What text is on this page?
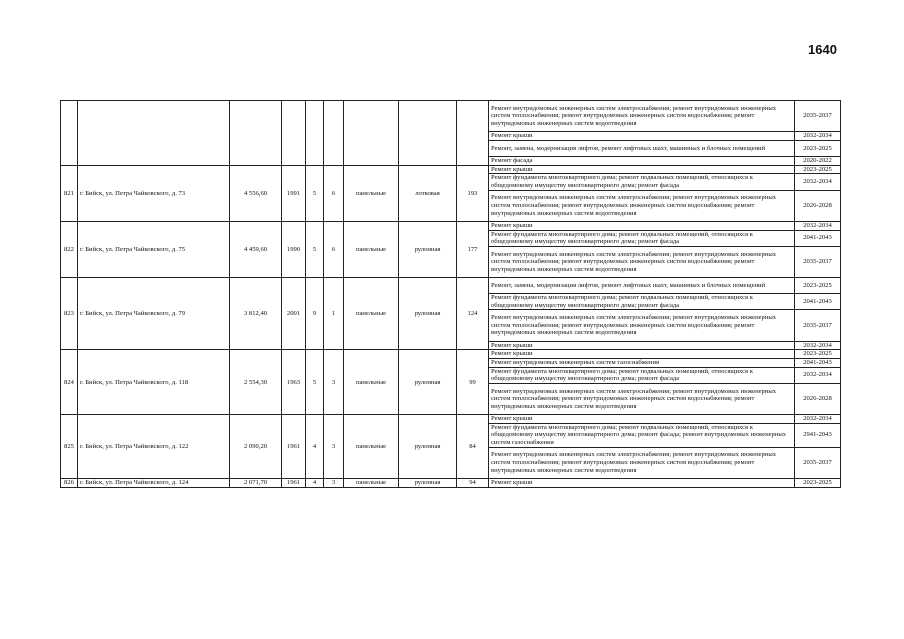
1640
									Ремонт внутридомовых инженерных систем электроснабжения; ремонт внутридомовых инженерных систем теплоснабжения; ремонт внутридомовых инженерных систем водоснабжения; ремонт внутридомовых инженерных систем водоотведения	2035-2037
									Ремонт крыши	2032-2034
									Ремонт, замена, модернизация лифтов, ремонт лифтовых шахт, машинных и блочных помещений	2023-2025
									Ремонт фасада	2020-2022
821	г. Бийск, ул. Петра Чайковского, д. 73	4 556,60	1991	5	6	панельные	лотковая	193	Ремонт крыши	2023-2025
									Ремонт фундамента многоквартирного дома; ремонт подвальных помещений, относящихся к общедомовому имуществу многоквартирного дома; ремонт фасада	2032-2034
									Ремонт внутридомовых инженерных систем электроснабжения; ремонт внутридомовых инженерных систем теплоснабжения; ремонт внутридомовых инженерных систем водоснабжения; ремонт внутридомовых инженерных систем водоотведения	2026-2028
822	г. Бийск, ул. Петра Чайковского, д. 75	4 459,60	1990	5	6	панельные	рулонная	177	Ремонт крыши	2032-2034
									Ремонт фундамента многоквартирного дома; ремонт подвальных помещений, относящихся к общедомовому имуществу многоквартирного дома; ремонт фасада	2041-2043
									Ремонт внутридомовых инженерных систем электроснабжения; ремонт внутридомовых инженерных систем теплоснабжения; ремонт внутридомовых инженерных систем водоснабжения; ремонт внутридомовых инженерных систем водоотведения	2035-2037
823	г. Бийск, ул. Петра Чайковского, д. 79	3 812,40	2001	9	1	панельные	рулонная	124	Ремонт, замена, модернизация лифтов, ремонт лифтовых шахт, машинных и блочных помещений	2023-2025
									Ремонт фундамента многоквартирного дома; ремонт подвальных помещений, относящихся к общедомовому имуществу многоквартирного дома; ремонт фасада	2041-2043
									Ремонт внутридомовых инженерных систем электроснабжения; ремонт внутридомовых инженерных систем теплоснабжения; ремонт внутридомовых инженерных систем водоснабжения; ремонт внутридомовых инженерных систем водоотведения	2035-2037
									Ремонт крыши	2032-2034
824	г. Бийск, ул. Петра Чайковского, д. 118	2 554,30	1963	5	3	панельные	рулонная	99	Ремонт крыши	2023-2025
									Ремонт внутридомовых инженерных систем газоснабжения	2041-2043
									Ремонт фундамента многоквартирного дома; ремонт подвальных помещений, относящихся к общедомовому имуществу многоквартирного дома; ремонт фасада	2032-2034
									Ремонт внутридомовых инженерных систем электроснабжения; ремонт внутридомовых инженерных систем теплоснабжения; ремонт внутридомовых инженерных систем водоснабжения; ремонт внутридомовых инженерных систем водоотведения	2026-2028
825	г. Бийск, ул. Петра Чайковского, д. 122	2 090,20	1961	4	3	панельные	рулонная	84	Ремонт крыши	2032-2034
									Ремонт фундамента многоквартирного дома; ремонт подвальных помещений, относящихся к общедомовому имуществу многоквартирного дома; ремонт фасада; ремонт внутридомовых инженерных систем газоснабжения	2941-2043
									Ремонт внутридомовых инженерных систем электроснабжения; ремонт внутридомовых инженерных систем теплоснабжения; ремонт внутридомовых инженерных систем водоснабжения; ремонт внутридомовых инженерных систем водоотведения	2035-2037
826	г. Бийск, ул. Петра Чайковского, д. 124	2 071,70	1961	4	3	панельные	рулонная	94	Ремонт крыши	2023-2025
